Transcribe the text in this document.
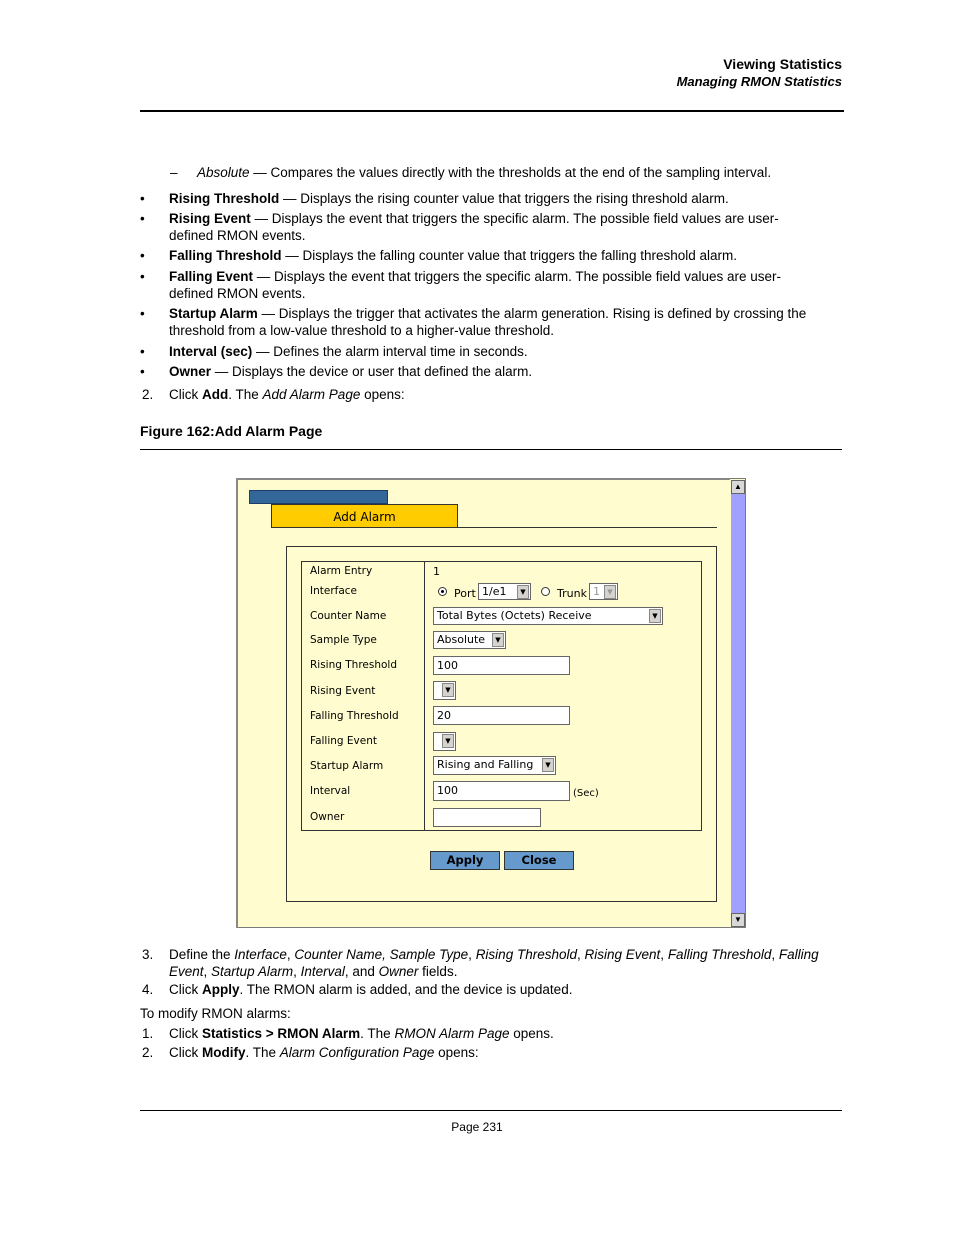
Viewing Statistics
Managing RMON Statistics
– Absolute — Compares the values directly with the thresholds at the end of the sampling interval.
• Rising Threshold — Displays the rising counter value that triggers the rising threshold alarm.
• Rising Event — Displays the event that triggers the specific alarm. The possible field values are user-
defined RMON events.
• Falling Threshold — Displays the falling counter value that triggers the falling threshold alarm.
• Falling Event — Displays the event that triggers the specific alarm. The possible field values are user-
defined RMON events.
• Startup Alarm — Displays the trigger that activates the alarm generation. Rising is defined by crossing the
threshold from a low-value threshold to a higher-value threshold.
• Interval (sec) — Defines the alarm interval time in seconds.
• Owner — Displays the device or user that defined the alarm.
2. Click Add. The Add Alarm Page opens:
Figure 162:Add Alarm Page
▲
▼
Add Alarm
Alarm Entry	1
Interface	Port 1/e1	▼	Trunk 1	▼
Counter Name	Total Bytes (Octets) Receive	▼
Sample Type	Absolute	▼
Rising Threshold	100
Rising Event	▼
Falling Threshold	20
Falling Event	▼
Startup Alarm	Rising and Falling	▼
Interval	100	(Sec)
Owner
Apply	Close
3. Define the Interface, Counter Name, Sample Type, Rising Threshold, Rising Event, Falling Threshold, Falling
Event, Startup Alarm, Interval, and Owner fields.
4. Click Apply. The RMON alarm is added, and the device is updated.
To modify RMON alarms:
1. Click Statistics > RMON Alarm. The RMON Alarm Page opens.
2. Click Modify. The Alarm Configuration Page opens:
Page 231
